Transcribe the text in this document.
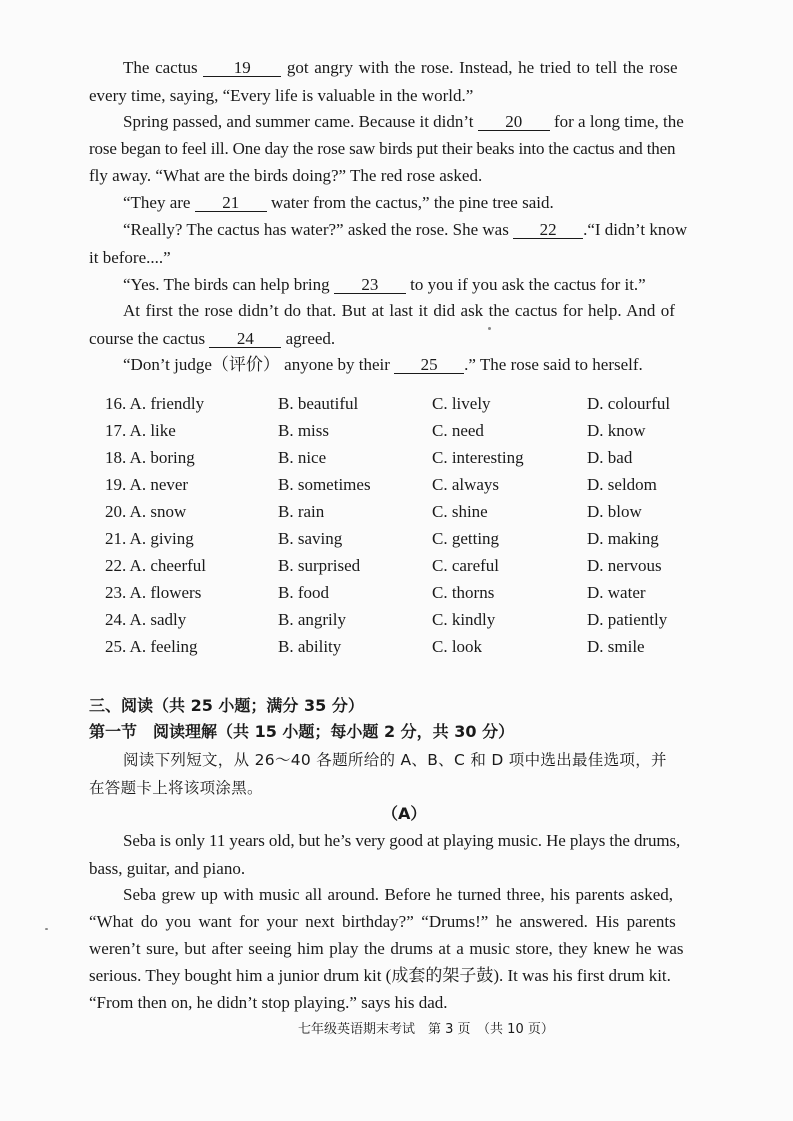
The cactus 19 got angry with the rose. Instead, he tried to tell the rose
every time, saying, “Every life is valuable in the world.”
Spring passed, and summer came. Because it didn’t 20 for a long time, the
rose began to feel ill. One day the rose saw birds put their beaks into the cactus and then
fly away. “What are the birds doing?” The red rose asked.
“They are 21 water from the cactus,” the pine tree said.
“Really? The cactus has water?” asked the rose. She was 22 .“I didn’t know
it before....”
“Yes. The birds can help bring 23 to you if you ask the cactus for it.”
At first the rose didn’t do that. But at last it did ask the cactus for help. And of
course the cactus 24 agreed.
“Don’t judge（评价） anyone by their 25 .” The rose said to herself.
16. A. friendly	B. beautiful	C. lively	D. colourful
17. A. like	B. miss	C. need	D. know
18. A. boring	B. nice	C. interesting	D. bad
19. A. never	B. sometimes	C. always	D. seldom
20. A. snow	B. rain	C. shine	D. blow
21. A. giving	B. saving	C. getting	D. making
22. A. cheerful	B. surprised	C. careful	D. nervous
23. A. flowers	B. food	C. thorns	D. water
24. A. sadly	B. angrily	C. kindly	D. patiently
25. A. feeling	B. ability	C. look	D. smile
三、阅读（共 25 小题；满分 35 分）
第一节　阅读理解（共 15 小题；每小题 2 分，共 30 分）
阅读下列短文，从 26～40 各题所给的 A、B、C 和 D 项中选出最佳选项，并
在答题卡上将该项涂黑。
（A）
Seba is only 11 years old, but he’s very good at playing music. He plays the drums,
bass, guitar, and piano.
Seba grew up with music all around. Before he turned three, his parents asked,
“What do you want for your next birthday?” “Drums!” he answered. His parents
weren’t sure, but after seeing him play the drums at a music store, they knew he was
serious. They bought him a junior drum kit (成套的架子鼓). It was his first drum kit.
“From then on, he didn’t stop playing.” says his dad.
七年级英语期末考试　第 3 页　（共 10 页）
